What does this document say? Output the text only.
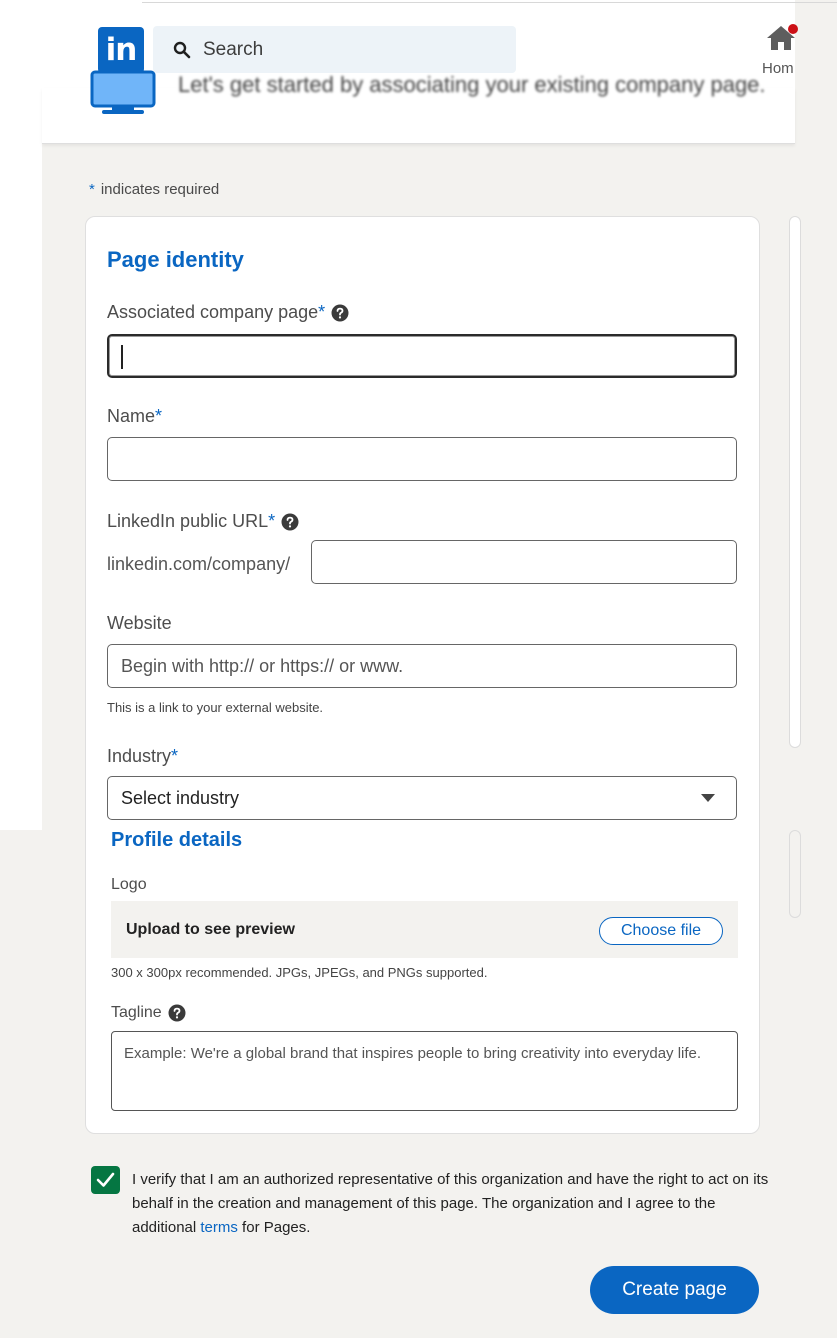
in	Search
Hom
Let's get started by associating your existing company page.
* indicates required
Page identity
Associated company page *
Name *
LinkedIn public URL *
linkedin.com/company/
Website
Begin with http:// or https:// or www.
This is a link to your external website.
Industry *
Select industry
Profile details
Logo
Upload to see preview	Choose file
300 x 300px recommended. JPGs, JPEGs, and PNGs supported.
Tagline
Example: We're a global brand that inspires people to bring creativity into everyday life.
I verify that I am an authorized representative of this organization and have the right to act on its behalf in the creation and management of this page. The organization and I agree to the additional terms for Pages.
Create page
